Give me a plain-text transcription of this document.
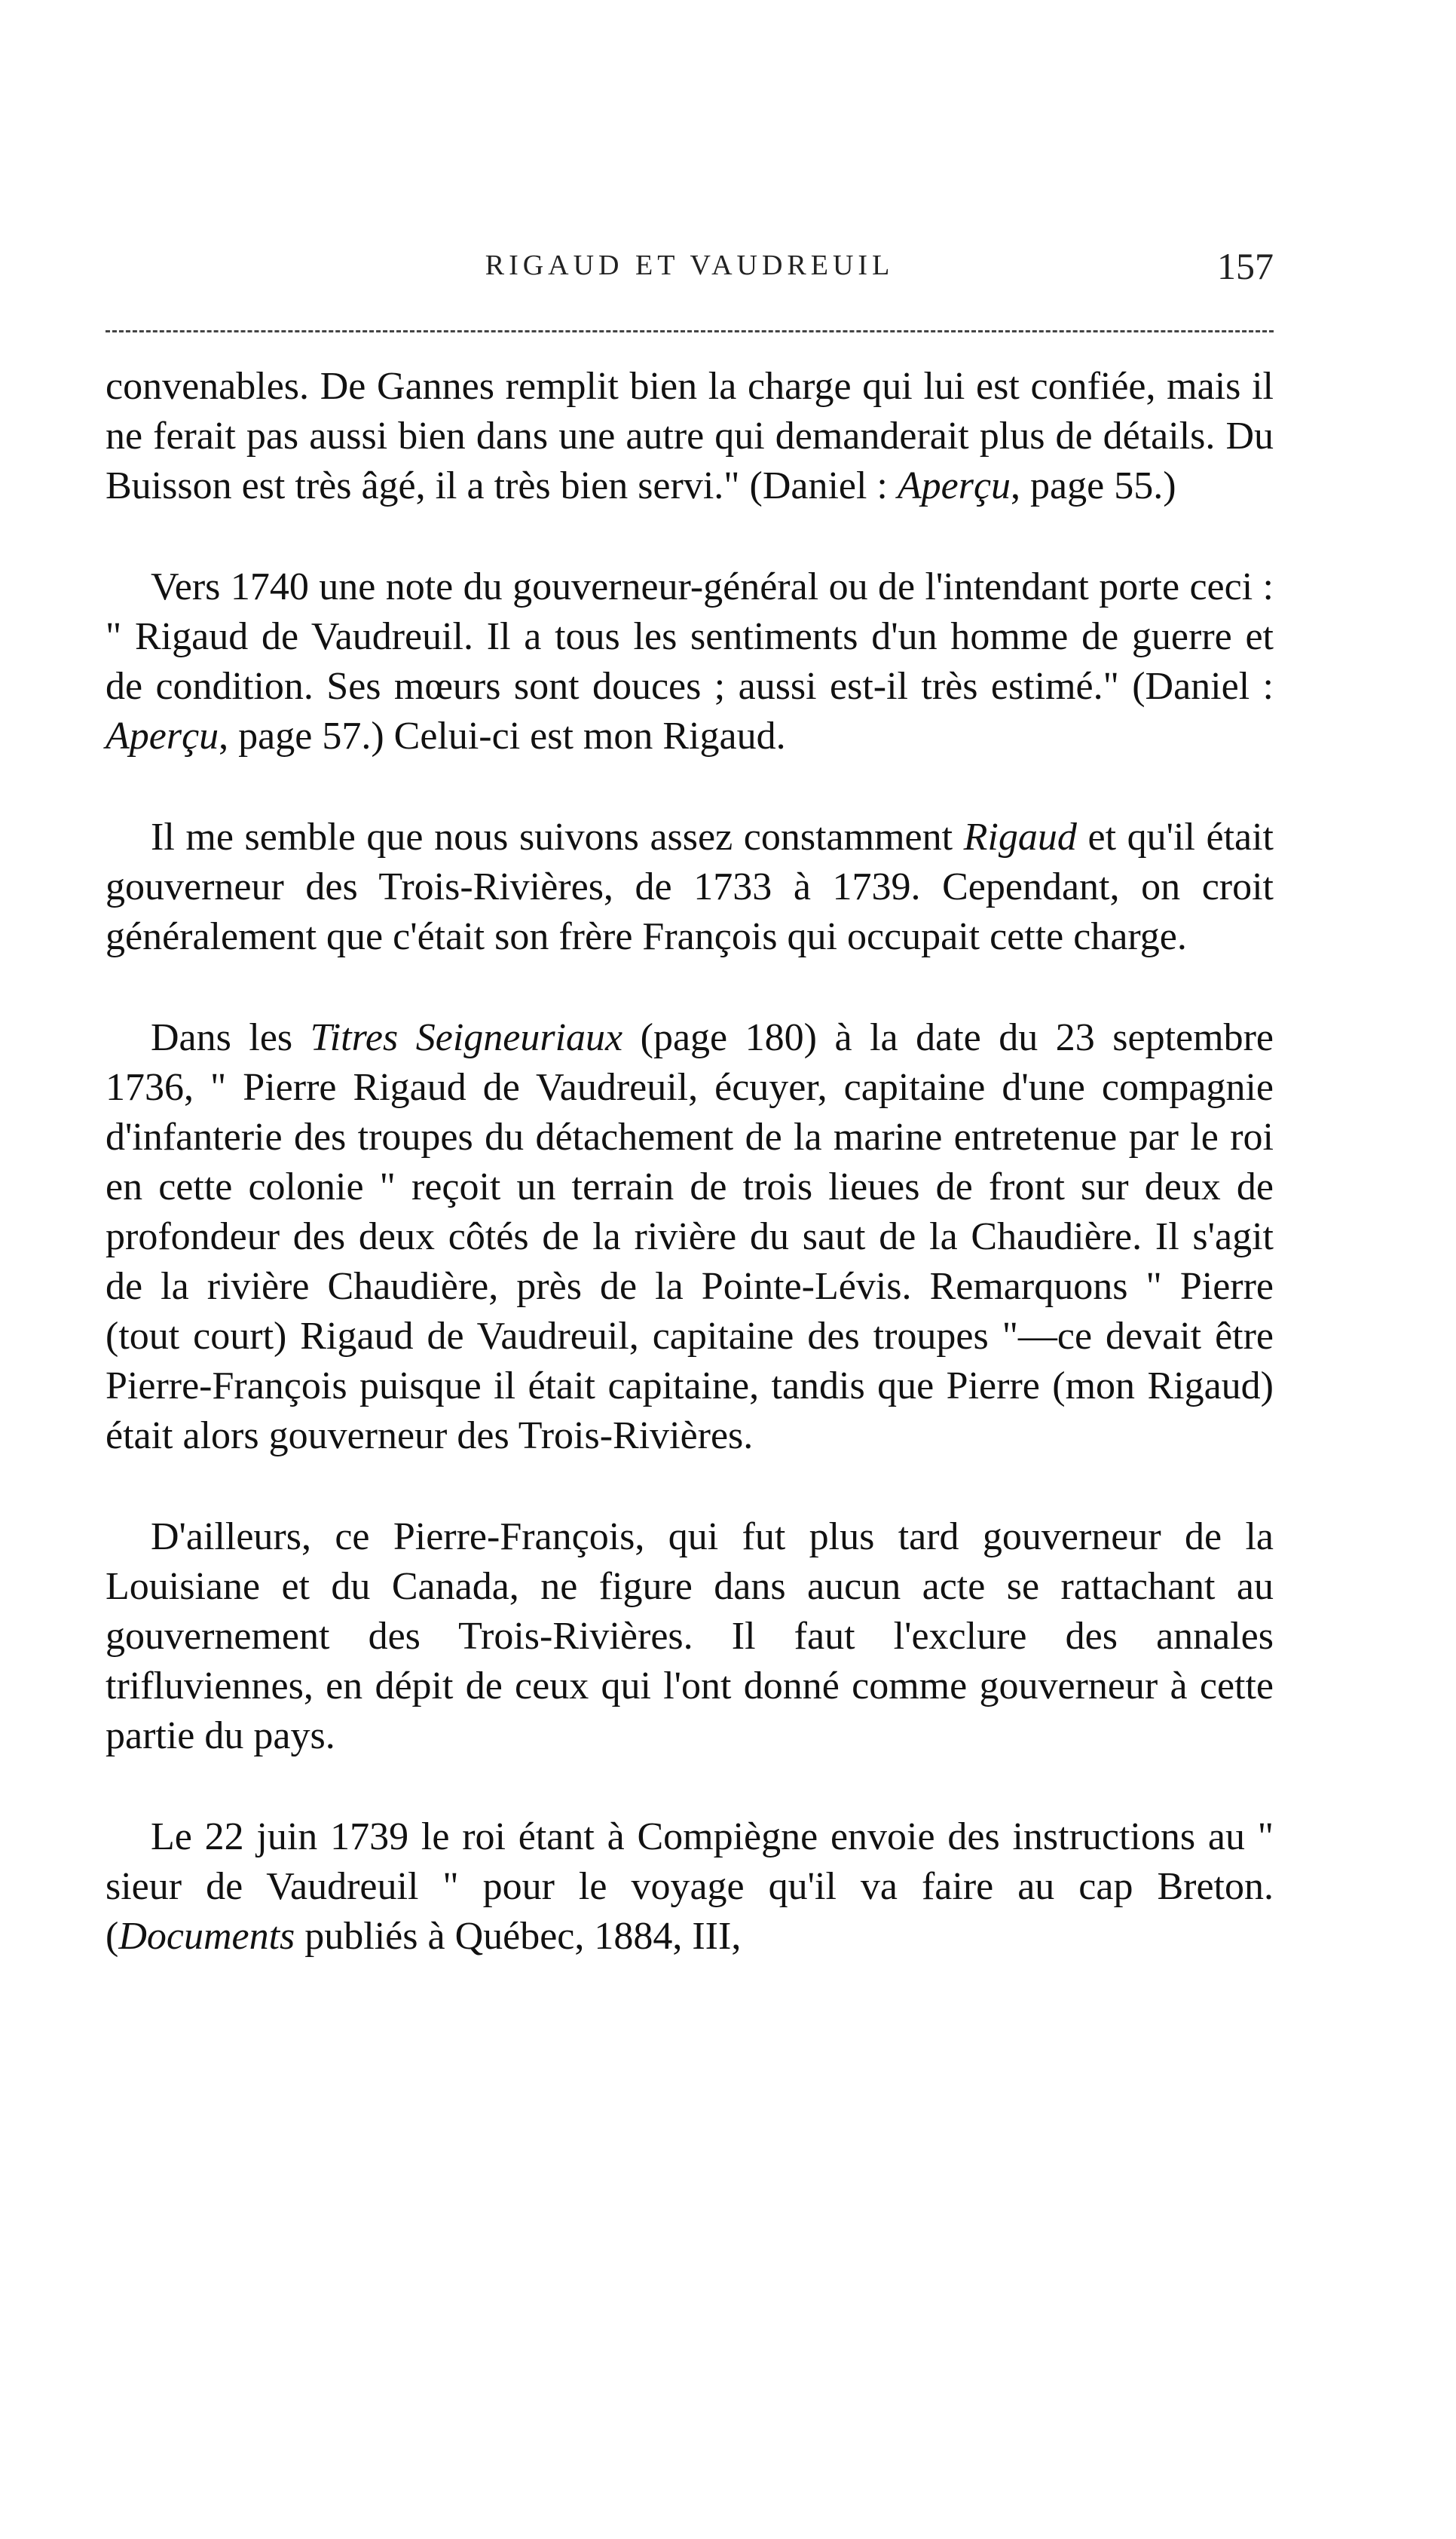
RIGAUD ET VAUDREUIL	157

convenables. De Gannes remplit bien la charge qui lui est confiée, mais il ne ferait pas aussi bien dans une autre qui demanderait plus de détails. Du Buisson est très âgé, il a très bien servi." (Daniel : Aperçu, page 55.)

Vers 1740 une note du gouverneur-général ou de l'intendant porte ceci : " Rigaud de Vaudreuil. Il a tous les sentiments d'un homme de guerre et de condition. Ses mœurs sont douces ; aussi est-il très estimé." (Daniel : Aperçu, page 57.) Celui-ci est mon Rigaud.

Il me semble que nous suivons assez constamment Rigaud et qu'il était gouverneur des Trois-Rivières, de 1733 à 1739. Cependant, on croit généralement que c'était son frère François qui occupait cette charge.

Dans les Titres Seigneuriaux (page 180) à la date du 23 septembre 1736, " Pierre Rigaud de Vaudreuil, écuyer, capitaine d'une compagnie d'infanterie des troupes du détachement de la marine entretenue par le roi en cette colonie " reçoit un terrain de trois lieues de front sur deux de profondeur des deux côtés de la rivière du saut de la Chaudière. Il s'agit de la rivière Chaudière, près de la Pointe-Lévis. Remarquons " Pierre (tout court) Rigaud de Vaudreuil, capitaine des troupes "—ce devait être Pierre-François puisque il était capitaine, tandis que Pierre (mon Rigaud) était alors gouverneur des Trois-Rivières.

D'ailleurs, ce Pierre-François, qui fut plus tard gouverneur de la Louisiane et du Canada, ne figure dans aucun acte se rattachant au gouvernement des Trois-Rivières. Il faut l'exclure des annales trifluviennes, en dépit de ceux qui l'ont donné comme gouverneur à cette partie du pays.

Le 22 juin 1739 le roi étant à Compiègne envoie des instructions au " sieur de Vaudreuil " pour le voyage qu'il va faire au cap Breton. (Documents publiés à Québec, 1884, III,
